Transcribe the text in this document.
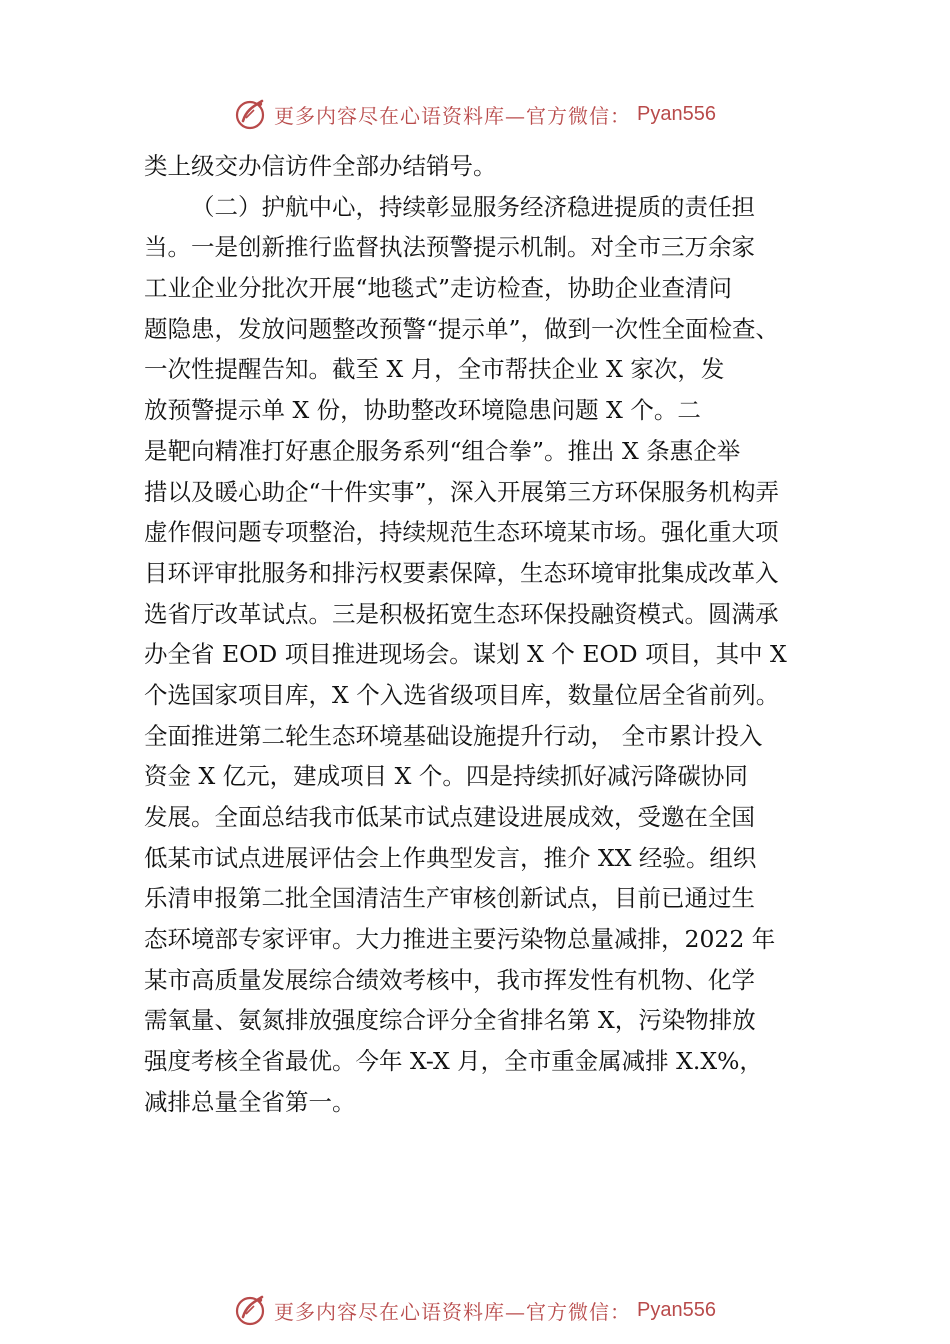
更多内容尽在心语资料库—官方微信： Pyan556
类上级交办信访件全部办结销号。
（二）护航中心，持续彰显服务经济稳进提质的责任担
当。一是创新推行监督执法预警提示机制。对全市三万余家
工业企业分批次开展“地毯式”走访检查，协助企业查清问
题隐患，发放问题整改预警“提示单”，做到一次性全面检查、
一次性提醒告知。截至 X 月，全市帮扶企业 X 家次，发
放预警提示单 X 份，协助整改环境隐患问题 X 个。二
是靶向精准打好惠企服务系列“组合拳”。推出 X 条惠企举
措以及暖心助企“十件实事”，深入开展第三方环保服务机构弄
虚作假问题专项整治，持续规范生态环境某市场。强化重大项
目环评审批服务和排污权要素保障，生态环境审批集成改革入
选省厅改革试点。三是积极拓宽生态环保投融资模式。圆满承
办全省 EOD 项目推进现场会。谋划 X 个 EOD 项目，其中 X
个选国家项目库，X 个入选省级项目库，数量位居全省前列。
全面推进第二轮生态环境基础设施提升行动， 全市累计投入
资金 X 亿元，建成项目 X 个。四是持续抓好减污降碳协同
发展。全面总结我市低某市试点建设进展成效，受邀在全国
低某市试点进展评估会上作典型发言，推介 XX 经验。组织
乐清申报第二批全国清洁生产审核创新试点，目前已通过生
态环境部专家评审。大力推进主要污染物总量减排，2022 年
某市高质量发展综合绩效考核中，我市挥发性有机物、化学
需氧量、氨氮排放强度综合评分全省排名第 X，污染物排放
强度考核全省最优。今年 X-X 月，全市重金属减排 X.X%，
减排总量全省第一。
更多内容尽在心语资料库—官方微信： Pyan556
